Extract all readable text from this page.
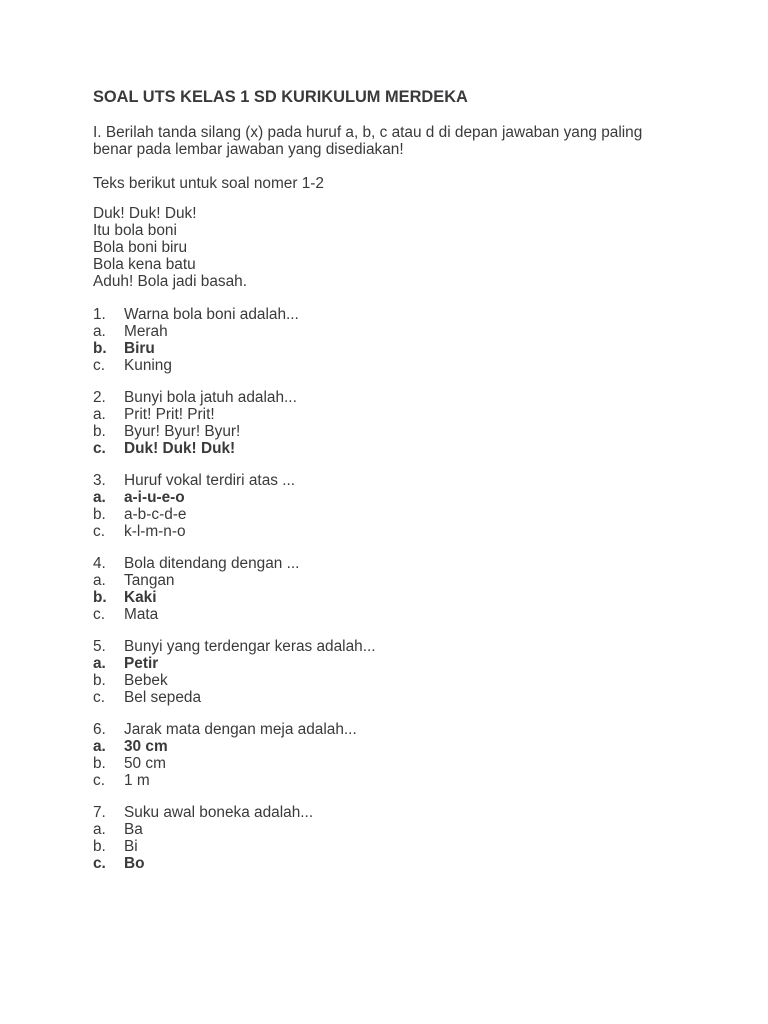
SOAL UTS KELAS 1 SD KURIKULUM MERDEKA

I. Berilah tanda silang (x) pada huruf a, b, c atau d di depan jawaban yang paling benar pada lembar jawaban yang disediakan!

Teks berikut untuk soal nomer 1-2

Duk! Duk! Duk!
Itu bola boni
Bola boni biru
Bola kena batu
Aduh! Bola jadi basah.
1.	Warna bola boni adalah...
a.	Merah
b.	Biru
c.	Kuning
2.	Bunyi bola jatuh adalah...
a.	Prit! Prit! Prit!
b.	Byur! Byur! Byur!
c.	Duk! Duk! Duk!
3.	Huruf vokal terdiri atas ...
a.	a-i-u-e-o
b.	a-b-c-d-e
c.	k-l-m-n-o
4.	Bola ditendang dengan ...
a.	Tangan
b.	Kaki
c.	Mata
5.	Bunyi yang terdengar keras adalah...
a.	Petir
b.	Bebek
c.	Bel sepeda
6.	Jarak mata dengan meja adalah...
a.	30 cm
b.	50 cm
c.	1 m
7.	Suku awal boneka adalah...
a.	Ba
b.	Bi
c.	Bo
